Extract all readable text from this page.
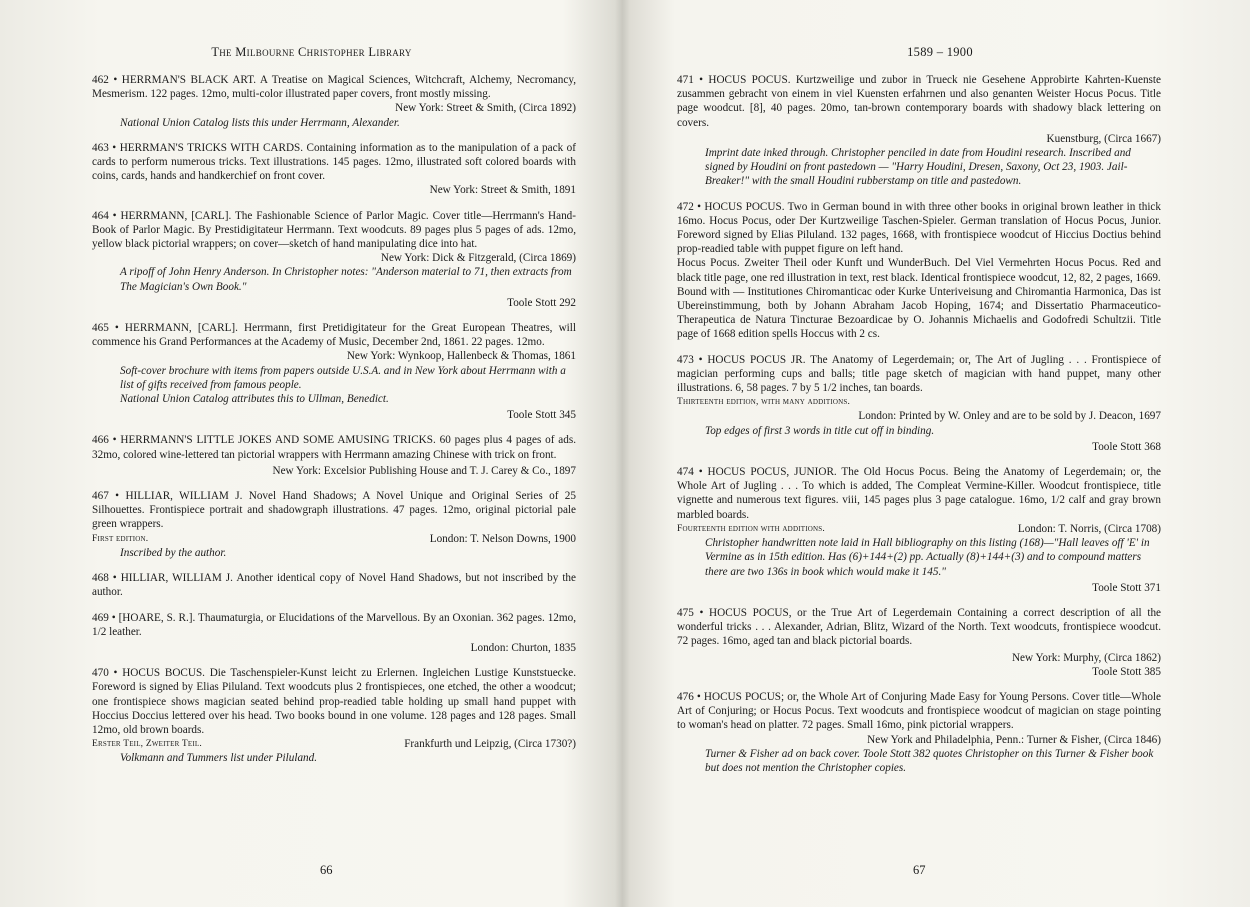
The Milbourne Christopher Library

462 • HERRMAN'S BLACK ART. A Treatise on Magical Sciences, Witchcraft, Alchemy, Necromancy, Mesmerism. 122 pages. 12mo, multi-color illustrated paper covers, front mostly missing.

New York: Street & Smith, (Circa 1892)

National Union Catalog lists this under Herrmann, Alexander.

463 • HERRMAN'S TRICKS WITH CARDS. Containing information as to the manipulation of a pack of cards to perform numerous tricks. Text illustrations. 145 pages. 12mo, illustrated soft colored boards with coins, cards, hands and handkerchief on front cover.

New York: Street & Smith, 1891

464 • HERRMANN, [CARL]. The Fashionable Science of Parlor Magic. Cover title—Herrmann's Hand-Book of Parlor Magic. By Prestidigitateur Herrmann. Text woodcuts. 89 pages plus 5 pages of ads. 12mo, yellow black pictorial wrappers; on cover—sketch of hand manipulating dice into hat.

New York: Dick & Fitzgerald, (Circa 1869)

A ripoff of John Henry Anderson. In Christopher notes: "Anderson material to 71, then extracts from The Magician's Own Book."

Toole Stott 292

465 • HERRMANN, [CARL]. Herrmann, first Pretidigitateur for the Great European Theatres, will commence his Grand Performances at the Academy of Music, December 2nd, 1861. 22 pages. 12mo.

New York: Wynkoop, Hallenbeck & Thomas, 1861

Soft-cover brochure with items from papers outside U.S.A. and in New York about Herrmann with a list of gifts received from famous people.

National Union Catalog attributes this to Ullman, Benedict.

Toole Stott 345

466 • HERRMANN'S LITTLE JOKES AND SOME AMUSING TRICKS. 60 pages plus 4 pages of ads. 32mo, colored wine-lettered tan pictorial wrappers with Herrmann amazing Chinese with trick on front.

New York: Excelsior Publishing House and T. J. Carey & Co., 1897

467 • HILLIAR, WILLIAM J. Novel Hand Shadows; A Novel Unique and Original Series of 25 Silhouettes. Frontispiece portrait and shadowgraph illustrations. 47 pages. 12mo, original pictorial pale green wrappers.

First edition.	London: T. Nelson Downs, 1900

Inscribed by the author.

468 • HILLIAR, WILLIAM J. Another identical copy of Novel Hand Shadows, but not inscribed by the author.

469 • [HOARE, S. R.]. Thaumaturgia, or Elucidations of the Marvellous. By an Oxonian. 362 pages. 12mo, 1/2 leather.

London: Churton, 1835

470 • HOCUS BOCUS. Die Taschenspieler-Kunst leicht zu Erlernen. Ingleichen Lustige Kunststuecke. Foreword is signed by Elias Piluland. Text woodcuts plus 2 frontispieces, one etched, the other a woodcut; one frontispiece shows magician seated behind prop-readied table holding up small hand puppet with Hoccius Doccius lettered over his head. Two books bound in one volume. 128 pages and 128 pages. Small 12mo, old brown boards.

Erster Teil, Zweiter Teil.	Frankfurth und Leipzig, (Circa 1730?)

Volkmann and Tummers list under Piluland.

66
1589 – 1900

471 • HOCUS POCUS. Kurtzweilige und zubor in Trueck nie Gesehene Approbirte Kahrten-Kuenste zusammen gebracht von einem in viel Kuensten erfahrnen und also genanten Weister Hocus Pocus. Title page woodcut. [8], 40 pages. 20mo, tan-brown contemporary boards with shadowy black lettering on covers.

Kuenstburg, (Circa 1667)

Imprint date inked through. Christopher penciled in date from Houdini research. Inscribed and signed by Houdini on front pastedown — "Harry Houdini, Dresen, Saxony, Oct 23, 1903. Jail-Breaker!" with the small Houdini rubberstamp on title and pastedown.

472 • HOCUS POCUS. Two in German bound in with three other books in original brown leather in thick 16mo. Hocus Pocus, oder Der Kurtzweilige Taschen-Spieler. German translation of Hocus Pocus, Junior. Foreword signed by Elias Piluland. 132 pages, 1668, with frontispiece woodcut of Hiccius Doctius behind prop-readied table with puppet figure on left hand.

Hocus Pocus. Zweiter Theil oder Kunft und WunderBuch. Del Viel Vermehrten Hocus Pocus. Red and black title page, one red illustration in text, rest black. Identical frontispiece woodcut, 12, 82, 2 pages, 1669.

Bound with — Institutiones Chiromanticac oder Kurke Unteriveisung and Chiromantia Harmonica, Das ist Ubereinstimmung, both by Johann Abraham Jacob Hoping, 1674; and Dissertatio Pharmaceutico-Therapeutica de Natura Tincturae Bezoardicae by O. Johannis Michaelis and Godofredi Schultzii. Title page of 1668 edition spells Hoccus with 2 cs.

473 • HOCUS POCUS JR. The Anatomy of Legerdemain; or, The Art of Jugling . . . Frontispiece of magician performing cups and balls; title page sketch of magician with hand puppet, many other illustrations. 6, 58 pages. 7 by 5 1/2 inches, tan boards.

Thirteenth edition, with many additions.

London: Printed by W. Onley and are to be sold by J. Deacon, 1697

Top edges of first 3 words in title cut off in binding.

Toole Stott 368

474 • HOCUS POCUS, JUNIOR. The Old Hocus Pocus. Being the Anatomy of Legerdemain; or, the Whole Art of Jugling . . . To which is added, The Compleat Vermine-Killer. Woodcut frontispiece, title vignette and numerous text figures. viii, 145 pages plus 3 page catalogue. 16mo, 1/2 calf and gray brown marbled boards.

Fourteenth edition with additions.	London: T. Norris, (Circa 1708)

Christopher handwritten note laid in Hall bibliography on this listing (168)—"Hall leaves off 'E' in Vermine as in 15th edition. Has (6)+144+(2) pp. Actually (8)+144+(3) and to compound matters there are two 136s in book which would make it 145."

Toole Stott 371

475 • HOCUS POCUS, or the True Art of Legerdemain Containing a correct description of all the wonderful tricks . . . Alexander, Adrian, Blitz, Wizard of the North. Text woodcuts, frontispiece woodcut. 72 pages. 16mo, aged tan and black pictorial boards.

New York: Murphy, (Circa 1862)

Toole Stott 385

476 • HOCUS POCUS; or, the Whole Art of Conjuring Made Easy for Young Persons. Cover title—Whole Art of Conjuring; or Hocus Pocus. Text woodcuts and frontispiece woodcut of magician on stage pointing to woman's head on platter. 72 pages. Small 16mo, pink pictorial wrappers.

New York and Philadelphia, Penn.: Turner & Fisher, (Circa 1846)

Turner & Fisher ad on back cover. Toole Stott 382 quotes Christopher on this Turner & Fisher book but does not mention the Christopher copies.

67
